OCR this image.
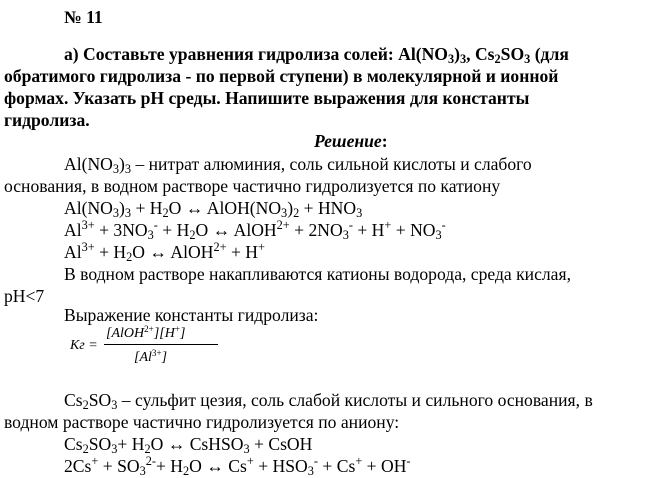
№ 11
а) Составьте уравнения гидролиза солей: $Al(NO_3)_3$, $Cs_2SO_3$ (для
обратимого гидролиза - по первой ступени) в молекулярной и ионной
формах. Указать pH среды. Напишите выражения для константы
гидролиза.
Решение:
$Al(NO_3)_3$ – нитрат алюминия, соль сильной кислоты и слабого
основания, в водном растворе частично гидролизуется по катиону
$Al(NO_3)_3 + H_2O$ ↔ $AlOH(NO_3)_2 + HNO_3$
$Al^{3+} + 3NO_3^- + H_2O$ ↔ AlOH$^{2+}$ + $2NO_3^- + H^+ + NO_3^-$
$Al^{3+} + H_2O$ ↔ AlOH$^{2+}$ + H+
В водном растворе накапливаются катионы водорода, среда кислая,
pH<7
Выражение константы гидролиза:
Кг =
[AlOH$^{2+}$][H+]
$[Al^{3+}]$
$Cs_2SO_3$ – сульфит цезия, соль слабой кислоты и сильного основания, в
водном растворе частично гидролизуется по аниону:
$Cs_2SO_3+ H_2O$ ↔ CsHSO$_3$ + CsOH
$2Cs^+ + SO_3^{2-}+ H_2O$ ↔ $Cs^+ + HSO_3^- + Cs^+ + OH^-$
